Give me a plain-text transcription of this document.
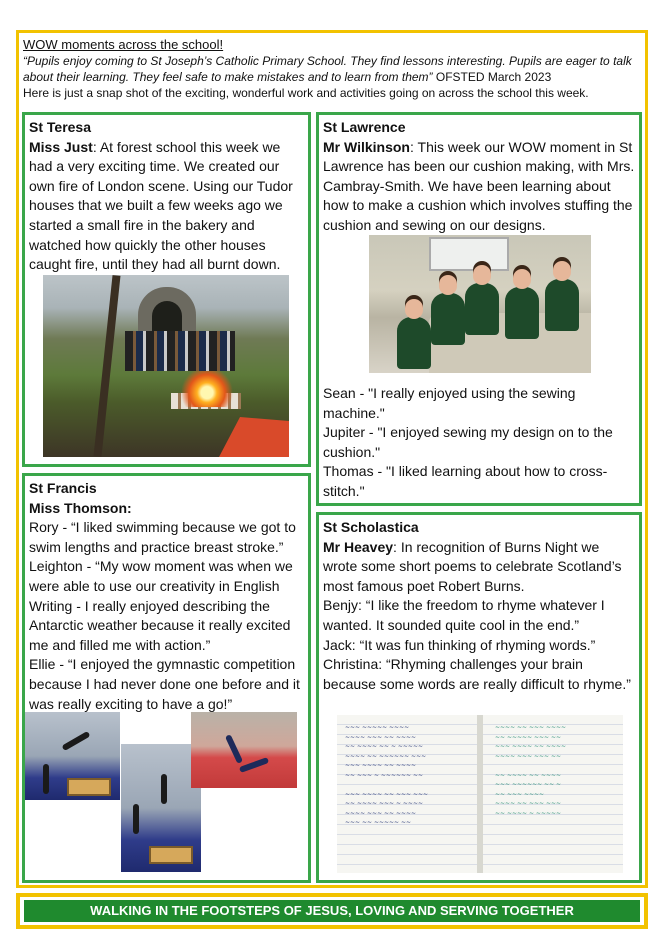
WOW moments across the school!

“Pupils enjoy coming to St Joseph’s Catholic Primary School. They find lessons interesting. Pupils are eager to talk about their learning. They feel safe to make mistakes and to learn from them” OFSTED March 2023

Here is just a snap shot of the exciting, wonderful work and activities going on across the school this week.

St Teresa

Miss Just: At forest school this week we had a very exciting time. We created our own fire of London scene. Using our Tudor houses that we built a few weeks ago we started a small fire in the bakery and watched how quickly the other houses caught fire, until they had all burnt down.

St Francis

Miss Thomson:

Rory - “I liked swimming because we got to swim lengths and practice breast stroke.”

Leighton - “My wow moment was when we were able to use our creativity in English Writing - I really enjoyed describing the Antarctic weather because it really excited me and filled me with action.”

Ellie - “I enjoyed the gymnastic competition because I had never done one before and it was really exciting to have a go!”

St Lawrence

Mr Wilkinson: This week our WOW moment in St Lawrence has been our cushion making, with Mrs. Cambray-Smith. We have been learning about how to make a cushion which involves stuffing the cushion and sewing on our designs.

Sean - "I really enjoyed using the sewing machine."

Jupiter - "I enjoyed sewing my design on to the cushion."

Thomas - "I liked learning about how to cross-stitch."

St Scholastica

Mr Heavey: In recognition of Burns Night we wrote some short poems to celebrate Scotland’s most famous poet Robert Burns.

Benjy: “I like the freedom to rhyme whatever I wanted. It sounded quite cool in the end.”

Jack: “It was fun thinking of rhyming words.”

Christina: “Rhyming challenges your brain because some words are really difficult to rhyme.”

~~~ ~~~~~ ~~~~
~~~~ ~~~ ~~ ~~~~
~~ ~~~~ ~~ ~ ~~~~~
~~~~ ~~ ~~~~~~ ~~~
~~~ ~~~~ ~~ ~~~~
~~ ~~~ ~ ~~~~~~ ~~

~~~ ~~~~ ~~ ~~~ ~~~
~~ ~~~~ ~~~ ~ ~~~~
~~~~ ~~~ ~~ ~~~~
~~~ ~~ ~~~~~ ~~
~~~~ ~~ ~~~ ~~~~
~~ ~~~~~ ~~~ ~~
~~~ ~~~~ ~~ ~~~~
~~~~ ~~~ ~~~ ~~

~~ ~~~~ ~~ ~~~~
~~~ ~~~~~~ ~~ ~
~~ ~~~ ~~~~
~~~~ ~~ ~~~ ~~~
~~ ~~~~ ~ ~~~~~
WALKING IN THE FOOTSTEPS OF JESUS, LOVING AND SERVING TOGETHER
